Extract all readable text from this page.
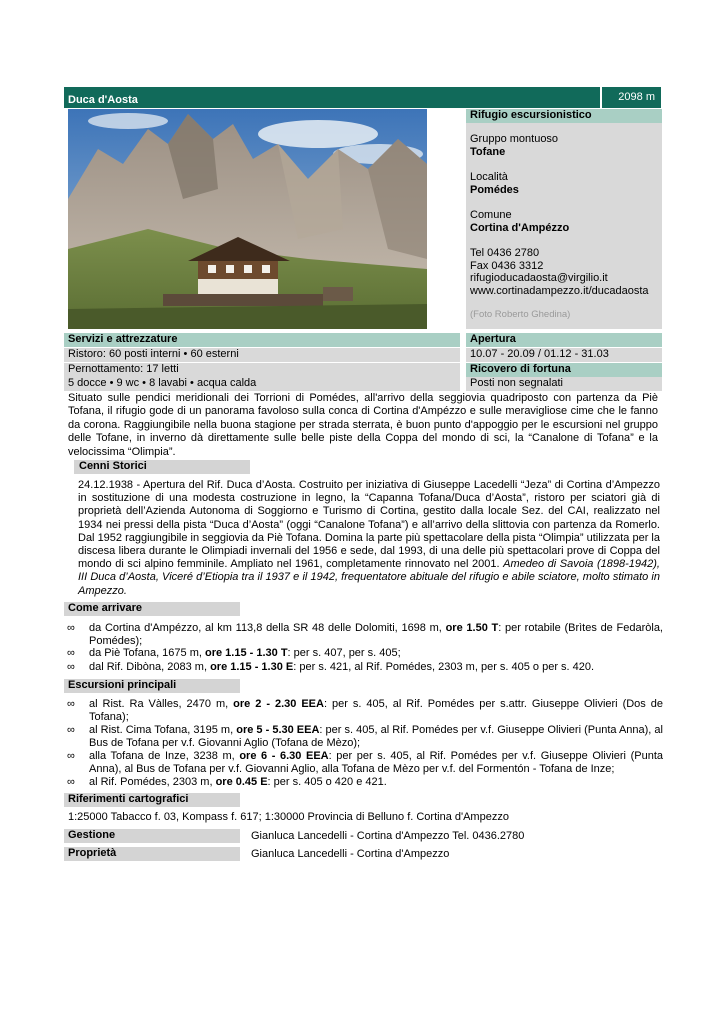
Duca d'Aosta	2098 m
Rifugio escursionistico
Gruppo montuoso
Tofane
Località
Pomédes
Comune
Cortina d'Ampézzo
Tel 0436 2780
Fax 0436 3312
rifugioducadaosta@virgilio.it
www.cortinadampezzo.it/ducadaosta
(Foto Roberto Ghedina)
Servizi e attrezzature	Apertura
Ristoro: 60 posti interni • 60 esterni	10.07 - 20.09 / 01.12 - 31.03
Pernottamento: 17 letti	Ricovero di fortuna
5 docce • 9 wc • 8 lavabi • acqua calda	Posti non segnalati

Situato sulle pendici meridionali dei Torrioni di Pomédes, all'arrivo della seggiovia quadriposto con partenza da Piè Tofana, il rifugio gode di un panorama favoloso sulla conca di Cortina d'Ampézzo e sulle meravigliose cime che le fanno da corona. Raggiungibile nella buona stagione per strada sterrata, è buon punto d'appoggio per le escursioni nel gruppo delle Tofane, in inverno dà direttamente sulle belle piste della Coppa del mondo di sci, la “Canalone di Tofana” e la velocissima “Olimpia”.

Cenni Storici

24.12.1938 - Apertura del Rif. Duca d’Aosta. Costruito per iniziativa di Giuseppe Lacedelli “Jeza” di Cortina d’Ampezzo in sostituzione di una modesta costruzione in legno, la “Capanna Tofana/Duca d’Aosta”, ristoro per sciatori già di proprietà dell’Azienda Autonoma di Soggiorno e Turismo di Cortina, gestito dalla locale Sez. del CAI, realizzato nel 1934 nei pressi della pista “Duca d’Aosta” (oggi “Canalone Tofana”) e all’arrivo della slittovia con partenza da Romerlo. Dal 1952 raggiungibile in seggiovia da Piè Tofana. Domina la parte più spettacolare della pista “Olimpia” utilizzata per la discesa libera durante le Olimpiadi invernali del 1956 e sede, dal 1993, di una delle più spettacolari prove di Coppa del mondo di sci alpino femminile. Ampliato nel 1961, completamente rinnovato nel 2001. Amedeo di Savoia (1898-1942), III Duca d’Aosta, Viceré d’Etiopia tra il 1937 e il 1942, frequentatore abituale del rifugio e abile sciatore, molto stimato in Ampezzo.

Come arrivare
∞ da Cortina d'Ampézzo, al km 113,8 della SR 48 delle Dolomiti, 1698 m, ore 1.50 T: per rotabile (Brìtes de Fedaròla, Pomédes);
∞ da Piè Tofana, 1675 m, ore 1.15 - 1.30 T: per s. 407, per s. 405;
∞ dal Rif. Dibòna, 2083 m, ore 1.15 - 1.30 E: per s. 421, al Rif. Pomédes, 2303 m, per s. 405 o per s. 420.
Escursioni principali
∞ al Rist. Ra Vàlles, 2470 m, ore 2 - 2.30 EEA: per s. 405, al Rif. Pomédes per s.attr. Giuseppe Olivieri (Dos de Tofana);
∞ al Rist. Cima Tofana, 3195 m, ore 5 - 5.30 EEA: per s. 405, al Rif. Pomédes per v.f. Giuseppe Olivieri (Punta Anna), al Bus de Tofana per v.f. Giovanni Aglio (Tofana de Mèzo);
∞ alla Tofana de Inze, 3238 m, ore 6 - 6.30 EEA: per per s. 405, al Rif. Pomédes per v.f. Giuseppe Olivieri (Punta Anna), al Bus de Tofana per v.f. Giovanni Aglio, alla Tofana de Mèzo per v.f. del Formentón - Tofana de Inze;
∞ al Rif. Pomédes, 2303 m, ore 0.45 E: per s. 405 o 420 e 421.
Riferimenti cartografici
1:25000 Tabacco f. 03, Kompass f. 617; 1:30000 Provincia di Belluno f. Cortina d'Ampezzo
Gestione	Gianluca Lancedelli - Cortina d'Ampezzo Tel. 0436.2780
Proprietà	Gianluca Lancedelli - Cortina d'Ampezzo
